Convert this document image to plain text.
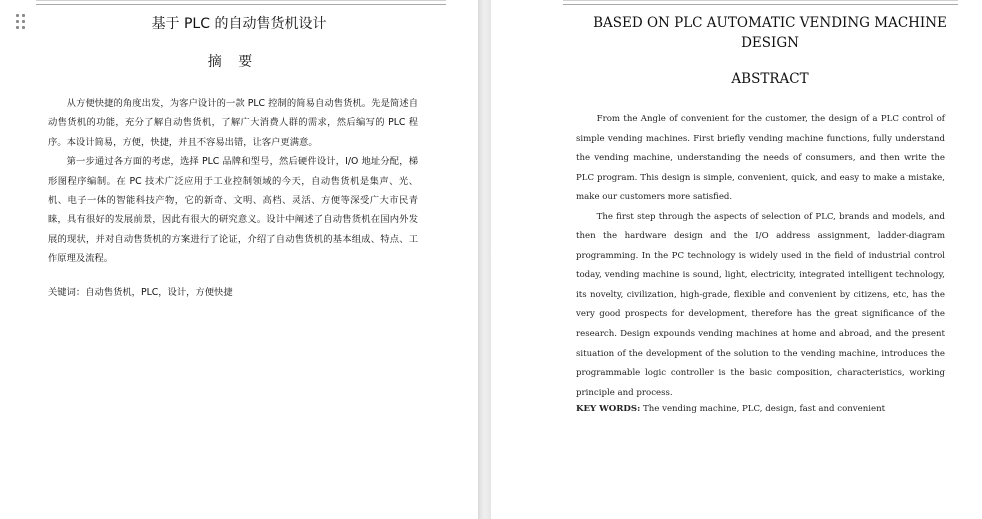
基于 PLC 的自动售货机设计
摘 要

从方便快捷的角度出发，为客户设计的一款 PLC 控制的简易自动售货机。先是简述自动售货机的功能，充分了解自动售货机，了解广大消费人群的需求，然后编写的 PLC 程序。本设计简易，方便，快捷，并且不容易出错，让客户更满意。

第一步通过各方面的考虑，选择 PLC 品牌和型号，然后硬件设计，I/O 地址分配，梯形图程序编制。在 PC 技术广泛应用于工业控制领域的今天，自动售货机是集声、光、机、电子一体的智能科技产物，它的新奇、文明、高档、灵活、方便等深受广大市民青睐，具有很好的发展前景，因此有很大的研究意义。设计中阐述了自动售货机在国内外发展的现状，并对自动售货机的方案进行了论证，介绍了自动售货机的基本组成、特点、工作原理及流程。

关键词：自动售货机，PLC，设计，方便快捷
BASED ON PLC AUTOMATIC VENDING MACHINE DESIGN
ABSTRACT

From the Angle of convenient for the customer, the design of a PLC control of simple vending machines. First briefly vending machine functions, fully understand the vending machine, understanding the needs of consumers, and then write the PLC program. This design is simple, convenient, quick, and easy to make a mistake, make our customers more satisfied.

The first step through the aspects of selection of PLC, brands and models, and then the hardware design and the I/O address assignment, ladder-diagram programming. In the PC technology is widely used in the field of industrial control today, vending machine is sound, light, electricity, integrated intelligent technology, its novelty, civilization, high-grade, flexible and convenient by citizens, etc, has the very good prospects for development, therefore has the great significance of the research. Design expounds vending machines at home and abroad, and the present situation of the development of the solution to the vending machine, introduces the programmable logic controller is the basic composition, characteristics, working principle and process.

KEY WORDS: The vending machine, PLC, design, fast and convenient
